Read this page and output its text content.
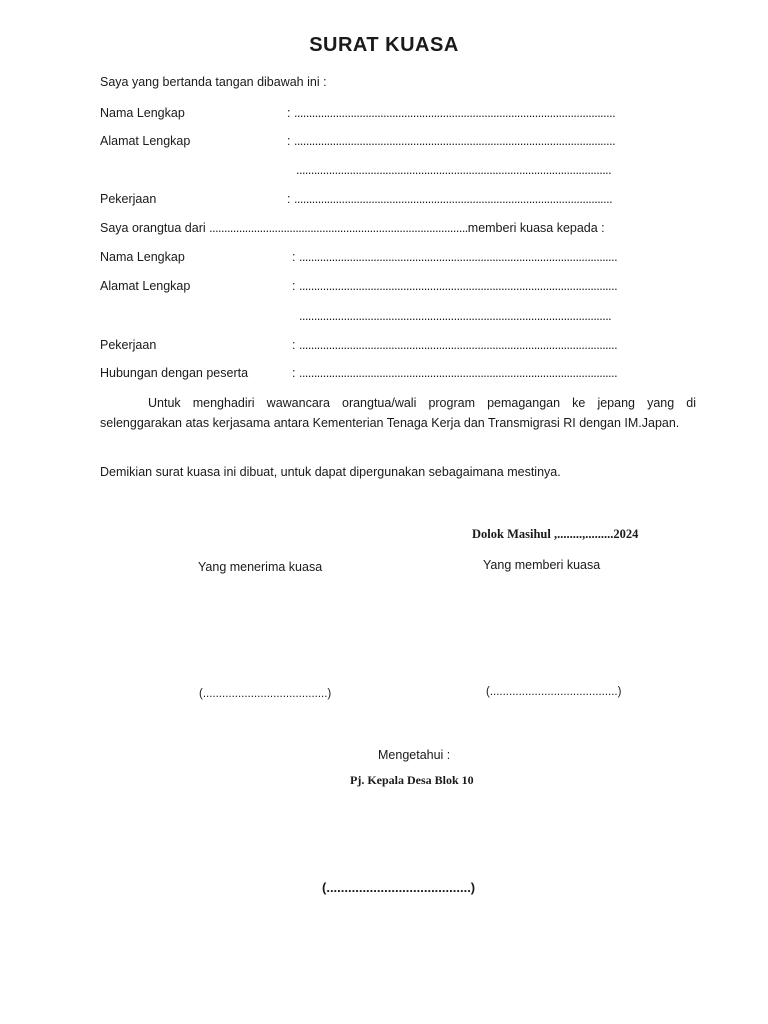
SURAT KUASA
Saya yang bertanda tangan dibawah ini :
Nama Lengkap	: ............................................................................................................
Alamat Lengkap	: ............................................................................................................
..........................................................................................................
Pekerjaan	: ...........................................................................................................
Saya orangtua dari .......................................................................................memberi kuasa kepada :
Nama Lengkap	: ...........................................................................................................
Alamat Lengkap	: ...........................................................................................................
.........................................................................................................
Pekerjaan	: ...........................................................................................................
Hubungan dengan peserta	: ...........................................................................................................
Untuk menghadiri wawancara orangtua/wali program pemagangan ke jepang yang di selenggarakan atas kerjasama antara Kementerian Tenaga Kerja dan Transmigrasi RI dengan IM.Japan.
Demikian surat kuasa ini dibuat, untuk dapat dipergunakan sebagaimana mestinya.
Dolok Masihul ,........,.........2024
Yang menerima kuasa	Yang memberi kuasa
(.......................................)	(........................................)
Mengetahui :
Pj. Kepala Desa Blok 10
(........................................)
